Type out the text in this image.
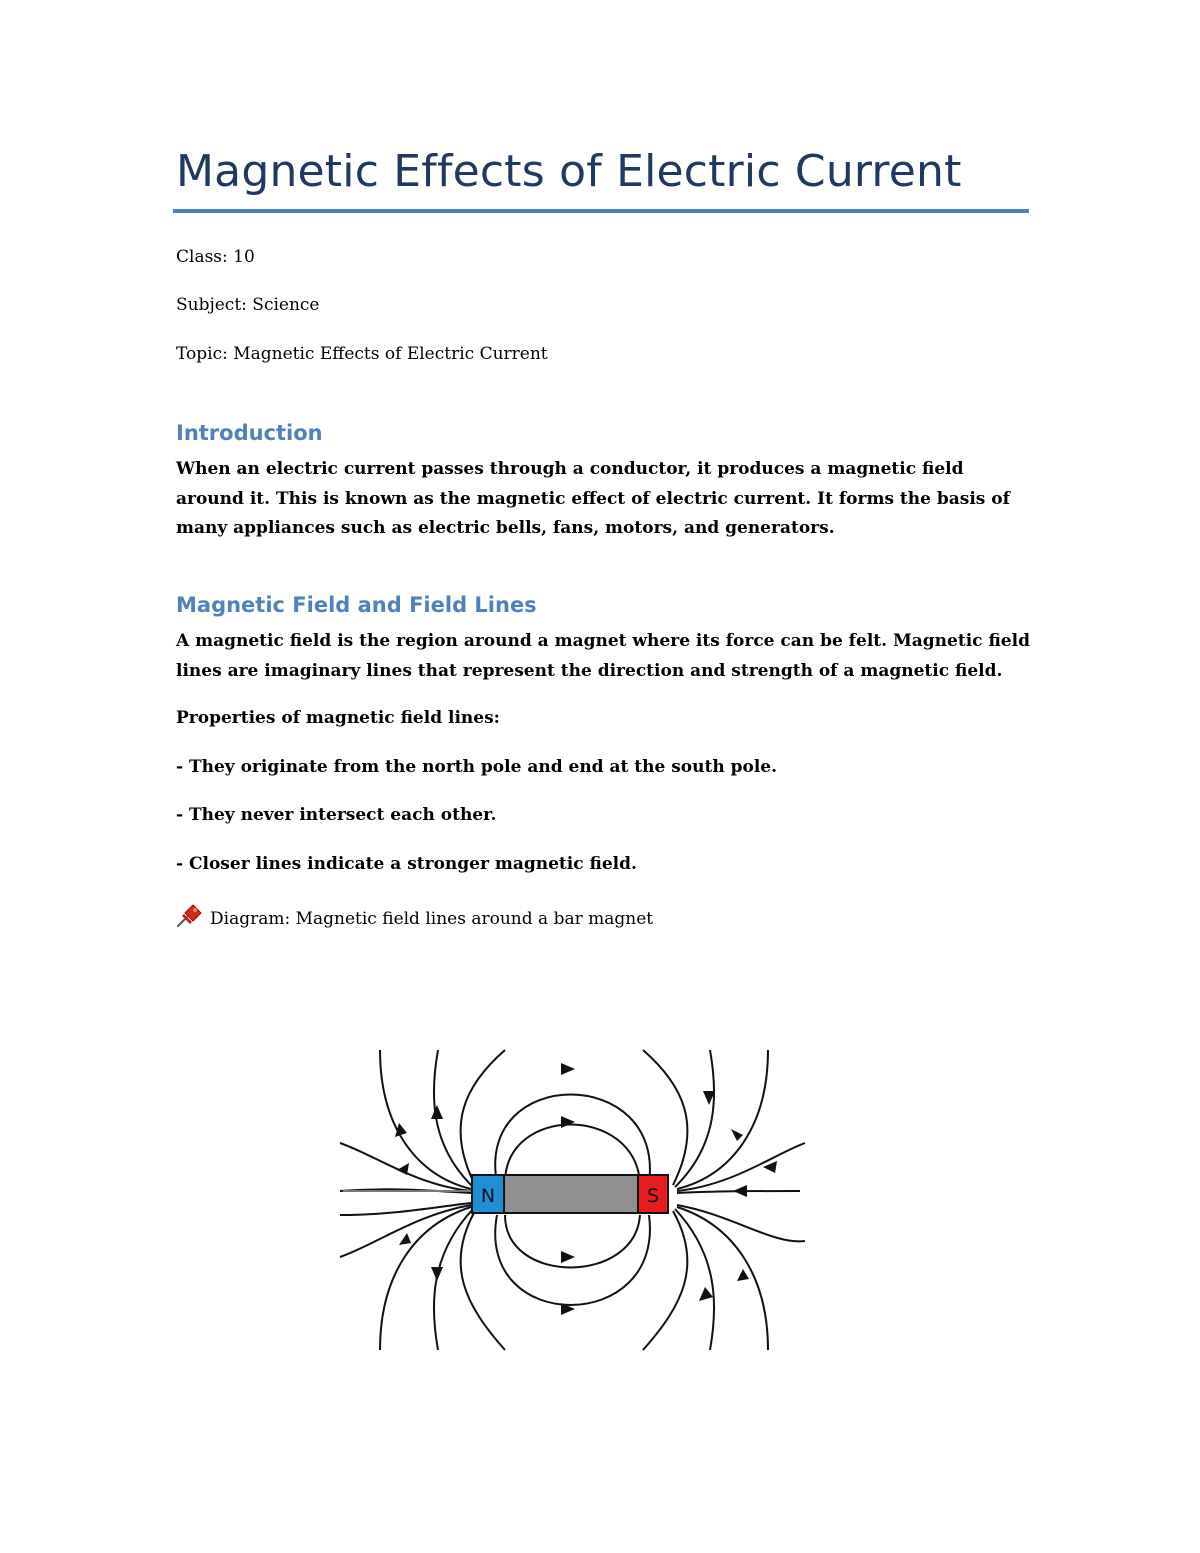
Magnetic Effects of Electric Current
Class: 10
Subject: Science
Topic: Magnetic Effects of Electric Current
Introduction
When an electric current passes through a conductor, it produces a magnetic field around it. This is known as the magnetic effect of electric current. It forms the basis of many appliances such as electric bells, fans, motors, and generators.
Magnetic Field and Field Lines
A magnetic field is the region around a magnet where its force can be felt. Magnetic field lines are imaginary lines that represent the direction and strength of a magnetic field.
Properties of magnetic field lines:
- They originate from the north pole and end at the south pole.
- They never intersect each other.
- Closer lines indicate a stronger magnetic field.
Diagram: Magnetic field lines around a bar magnet
N	S
